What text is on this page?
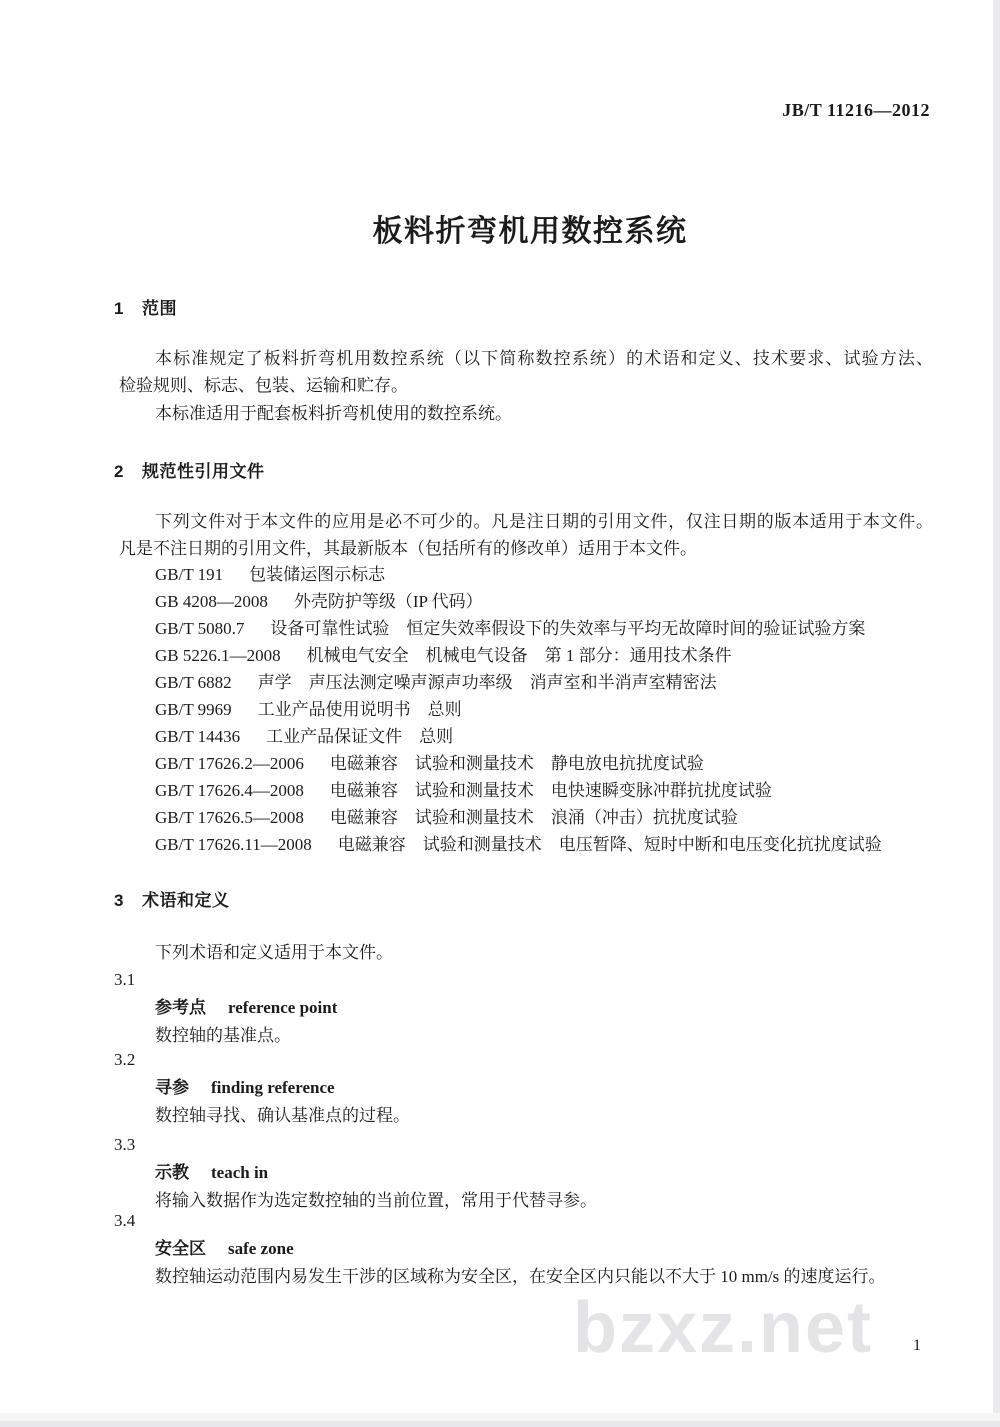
JB/T 11216—2012
板料折弯机用数控系统
1 范围
本标准规定了板料折弯机用数控系统（以下简称数控系统）的术语和定义、技术要求、试验方法、
检验规则、标志、包装、运输和贮存。
本标准适用于配套板料折弯机使用的数控系统。
2 规范性引用文件
下列文件对于本文件的应用是必不可少的。凡是注日期的引用文件，仅注日期的版本适用于本文件。
凡是不注日期的引用文件，其最新版本（包括所有的修改单）适用于本文件。
GB/T 191 包装储运图示标志
GB 4208—2008 外壳防护等级（IP 代码）
GB/T 5080.7 设备可靠性试验　恒定失效率假设下的失效率与平均无故障时间的验证试验方案
GB 5226.1—2008 机械电气安全　机械电气设备　第 1 部分：通用技术条件
GB/T 6882 声学　声压法测定噪声源声功率级　消声室和半消声室精密法
GB/T 9969 工业产品使用说明书　总则
GB/T 14436 工业产品保证文件　总则
GB/T 17626.2—2006 电磁兼容　试验和测量技术　静电放电抗扰度试验
GB/T 17626.4—2008 电磁兼容　试验和测量技术　电快速瞬变脉冲群抗扰度试验
GB/T 17626.5—2008 电磁兼容　试验和测量技术　浪涌（冲击）抗扰度试验
GB/T 17626.11—2008 电磁兼容　试验和测量技术　电压暂降、短时中断和电压变化抗扰度试验
3 术语和定义
下列术语和定义适用于本文件。
3.1
参考点 reference point
数控轴的基准点。
3.2
寻参 finding reference
数控轴寻找、确认基准点的过程。
3.3
示教 teach in
将输入数据作为选定数控轴的当前位置，常用于代替寻参。
3.4
安全区 safe zone
数控轴运动范围内易发生干涉的区域称为安全区，在安全区内只能以不大于 10 mm/s 的速度运行。
bzxz.net	1
